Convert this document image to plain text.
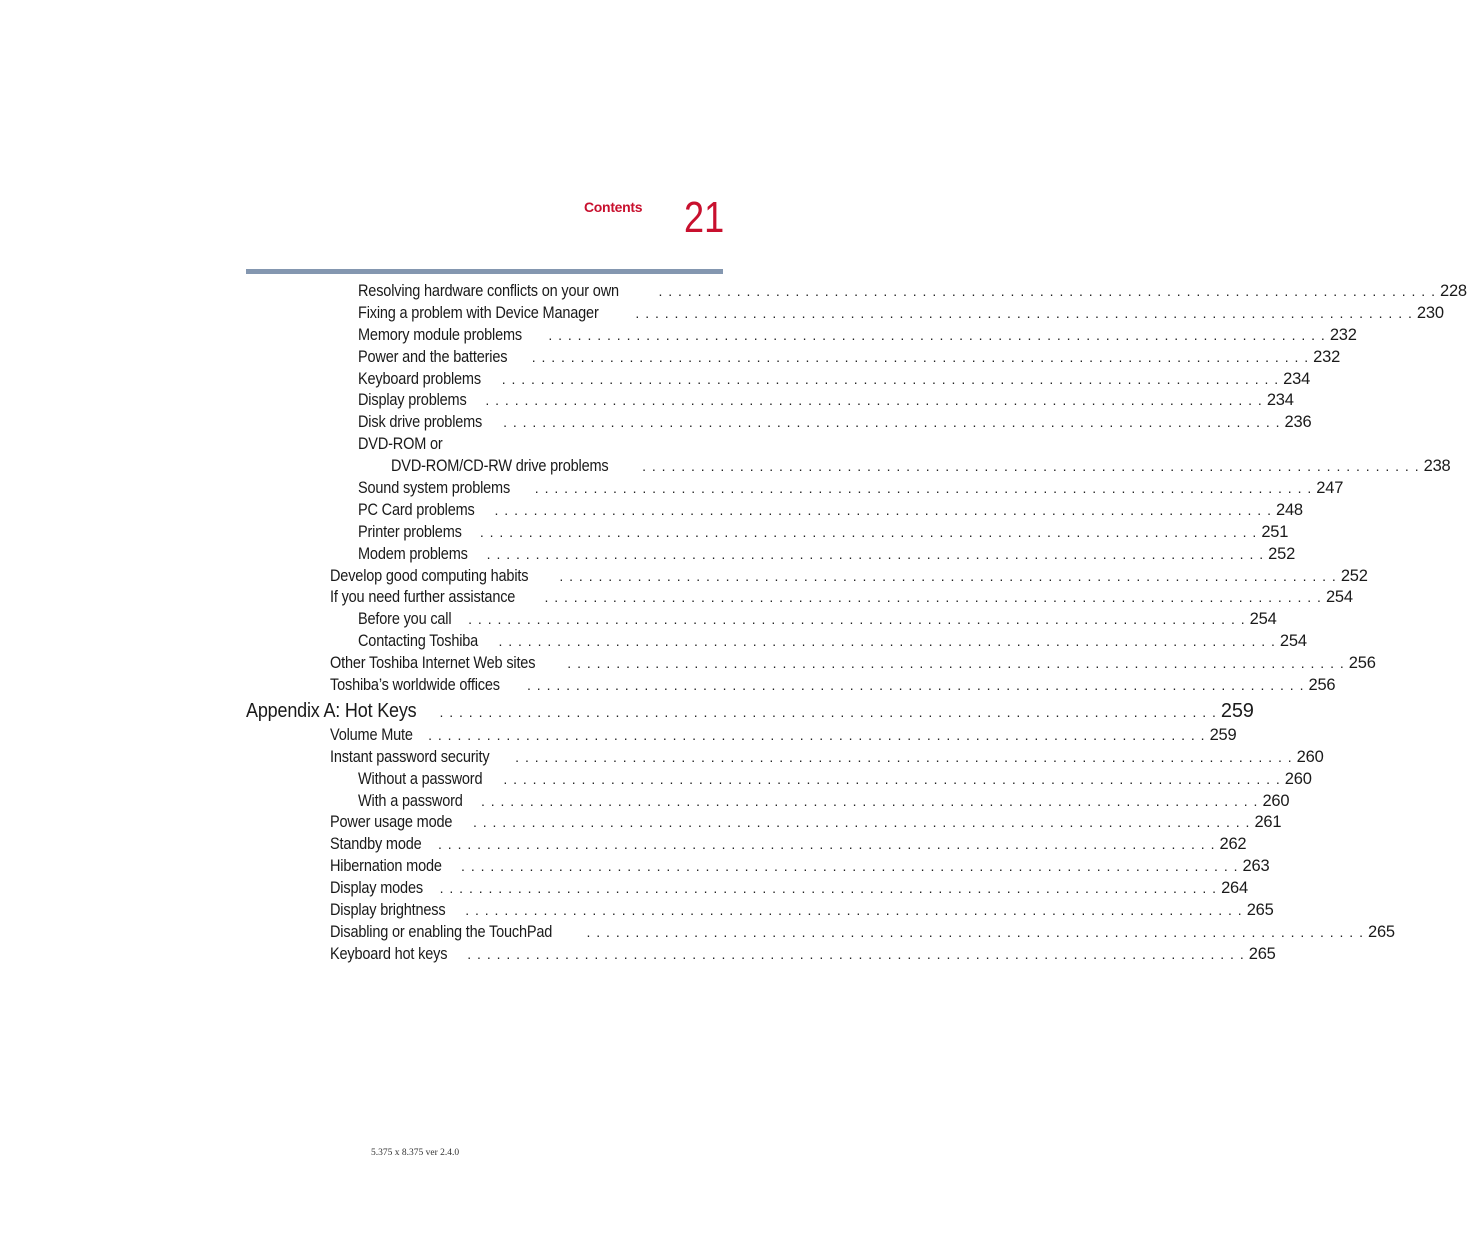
Contents 21
Resolving hardware conflicts on your own	. . . . . . . . . . . . . . . . . . . . . . . . . . . . . . . . . . . . . . . . . . . . . . . . . . . . . . . . . . . . . . . . . . . . . . . . . . . . . . . . 228
Fixing a problem with Device Manager	. . . . . . . . . . . . . . . . . . . . . . . . . . . . . . . . . . . . . . . . . . . . . . . . . . . . . . . . . . . . . . . . . . . . . . . . . . . . . . . . 230
Memory module problems . . . . . . . . . . . . . . . . . . . . . . . . . . . . . . . . . . . . . . . . . . . . . . . . . . . . . . . . . . . . . . . . . . . . . . . . . . . . . . . . 232
Power and the batteries . . . . . . . . . . . . . . . . . . . . . . . . . . . . . . . . . . . . . . . . . . . . . . . . . . . . . . . . . . . . . . . . . . . . . . . . . . . . . . . . 232
Keyboard problems . . . . . . . . . . . . . . . . . . . . . . . . . . . . . . . . . . . . . . . . . . . . . . . . . . . . . . . . . . . . . . . . . . . . . . . . . . . . . . . . 234
Display problems . . . . . . . . . . . . . . . . . . . . . . . . . . . . . . . . . . . . . . . . . . . . . . . . . . . . . . . . . . . . . . . . . . . . . . . . . . . . . . . . 234
Disk drive problems . . . . . . . . . . . . . . . . . . . . . . . . . . . . . . . . . . . . . . . . . . . . . . . . . . . . . . . . . . . . . . . . . . . . . . . . . . . . . . . . 236
DVD-ROM or
DVD-ROM/CD-RW drive problems . . . . . . . . . . . . . . . . . . . . . . . . . . . . . . . . . . . . . . . . . . . . . . . . . . . . . . . . . . . . . . . . . . . . . . . . . . . . . . . . 238
Sound system problems . . . . . . . . . . . . . . . . . . . . . . . . . . . . . . . . . . . . . . . . . . . . . . . . . . . . . . . . . . . . . . . . . . . . . . . . . . . . . . . . 247
PC Card problems . . . . . . . . . . . . . . . . . . . . . . . . . . . . . . . . . . . . . . . . . . . . . . . . . . . . . . . . . . . . . . . . . . . . . . . . . . . . . . . . 248
Printer problems . . . . . . . . . . . . . . . . . . . . . . . . . . . . . . . . . . . . . . . . . . . . . . . . . . . . . . . . . . . . . . . . . . . . . . . . . . . . . . . . 251
Modem problems . . . . . . . . . . . . . . . . . . . . . . . . . . . . . . . . . . . . . . . . . . . . . . . . . . . . . . . . . . . . . . . . . . . . . . . . . . . . . . . . 252
Develop good computing habits . . . . . . . . . . . . . . . . . . . . . . . . . . . . . . . . . . . . . . . . . . . . . . . . . . . . . . . . . . . . . . . . . . . . . . . . . . . . . . . . 252
If you need further assistance . . . . . . . . . . . . . . . . . . . . . . . . . . . . . . . . . . . . . . . . . . . . . . . . . . . . . . . . . . . . . . . . . . . . . . . . . . . . . . . . 254
Before you call . . . . . . . . . . . . . . . . . . . . . . . . . . . . . . . . . . . . . . . . . . . . . . . . . . . . . . . . . . . . . . . . . . . . . . . . . . . . . . . . 254
Contacting Toshiba . . . . . . . . . . . . . . . . . . . . . . . . . . . . . . . . . . . . . . . . . . . . . . . . . . . . . . . . . . . . . . . . . . . . . . . . . . . . . . . . 254
Other Toshiba Internet Web sites . . . . . . . . . . . . . . . . . . . . . . . . . . . . . . . . . . . . . . . . . . . . . . . . . . . . . . . . . . . . . . . . . . . . . . . . . . . . . . . . 256
Toshiba’s worldwide offices . . . . . . . . . . . . . . . . . . . . . . . . . . . . . . . . . . . . . . . . . . . . . . . . . . . . . . . . . . . . . . . . . . . . . . . . . . . . . . . . 256
Appendix A: Hot Keys . . . . . . . . . . . . . . . . . . . . . . . . . . . . . . . . . . . . . . . . . . . . . . . . . . . . . . . . . . . . . . . . . . . . . . . . . . . . . . . . 259
Volume Mute . . . . . . . . . . . . . . . . . . . . . . . . . . . . . . . . . . . . . . . . . . . . . . . . . . . . . . . . . . . . . . . . . . . . . . . . . . . . . . . . 259
Instant password security . . . . . . . . . . . . . . . . . . . . . . . . . . . . . . . . . . . . . . . . . . . . . . . . . . . . . . . . . . . . . . . . . . . . . . . . . . . . . . . . 260
Without a password . . . . . . . . . . . . . . . . . . . . . . . . . . . . . . . . . . . . . . . . . . . . . . . . . . . . . . . . . . . . . . . . . . . . . . . . . . . . . . . . 260
With a password . . . . . . . . . . . . . . . . . . . . . . . . . . . . . . . . . . . . . . . . . . . . . . . . . . . . . . . . . . . . . . . . . . . . . . . . . . . . . . . . 260
Power usage mode . . . . . . . . . . . . . . . . . . . . . . . . . . . . . . . . . . . . . . . . . . . . . . . . . . . . . . . . . . . . . . . . . . . . . . . . . . . . . . . . 261
Standby mode . . . . . . . . . . . . . . . . . . . . . . . . . . . . . . . . . . . . . . . . . . . . . . . . . . . . . . . . . . . . . . . . . . . . . . . . . . . . . . . . 262
Hibernation mode . . . . . . . . . . . . . . . . . . . . . . . . . . . . . . . . . . . . . . . . . . . . . . . . . . . . . . . . . . . . . . . . . . . . . . . . . . . . . . . . 263
Display modes . . . . . . . . . . . . . . . . . . . . . . . . . . . . . . . . . . . . . . . . . . . . . . . . . . . . . . . . . . . . . . . . . . . . . . . . . . . . . . . . 264
Display brightness . . . . . . . . . . . . . . . . . . . . . . . . . . . . . . . . . . . . . . . . . . . . . . . . . . . . . . . . . . . . . . . . . . . . . . . . . . . . . . . . 265
Disabling or enabling the TouchPad . . . . . . . . . . . . . . . . . . . . . . . . . . . . . . . . . . . . . . . . . . . . . . . . . . . . . . . . . . . . . . . . . . . . . . . . . . . . . . . . 265
Keyboard hot keys . . . . . . . . . . . . . . . . . . . . . . . . . . . . . . . . . . . . . . . . . . . . . . . . . . . . . . . . . . . . . . . . . . . . . . . . . . . . . . . . 265
5.375 x 8.375 ver 2.4.0
